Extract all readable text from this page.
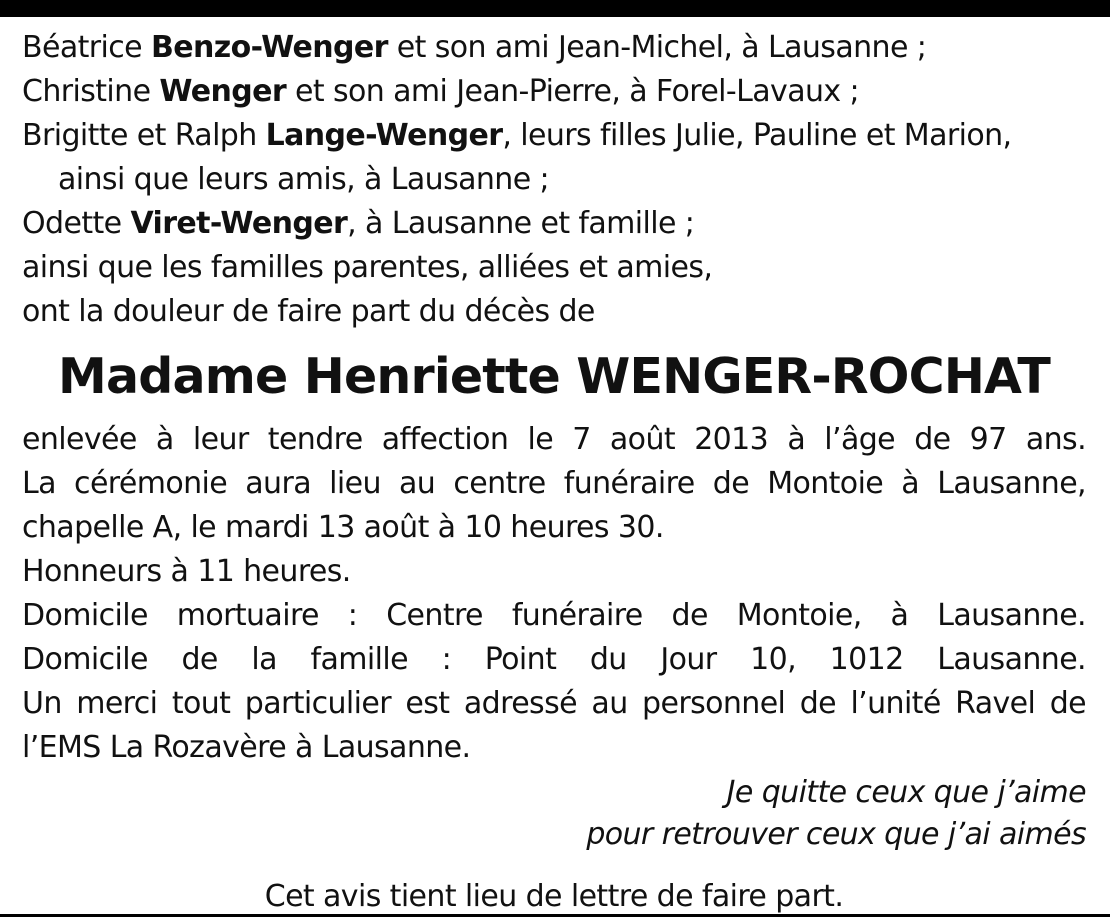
Béatrice Benzo-Wenger et son ami Jean-Michel, à Lausanne ;
Christine Wenger et son ami Jean-Pierre, à Forel-Lavaux ;
Brigitte et Ralph Lange-Wenger, leurs filles Julie, Pauline et Marion,
ainsi que leurs amis, à Lausanne ;
Odette Viret-Wenger, à Lausanne et famille ;
ainsi que les familles parentes, alliées et amies,
ont la douleur de faire part du décès de
Madame Henriette WENGER-ROCHAT
enlevée à leur tendre affection le 7 août 2013 à l’âge de 97 ans.
La cérémonie aura lieu au centre funéraire de Montoie à Lausanne,
chapelle A, le mardi 13 août à 10 heures 30.
Honneurs à 11 heures.
Domicile mortuaire : Centre funéraire de Montoie, à Lausanne.
Domicile de la famille : Point du Jour 10, 1012 Lausanne.
Un merci tout particulier est adressé au personnel de l’unité Ravel de
l’EMS La Rozavère à Lausanne.
Je quitte ceux que j’aime
pour retrouver ceux que j’ai aimés
Cet avis tient lieu de lettre de faire part.
